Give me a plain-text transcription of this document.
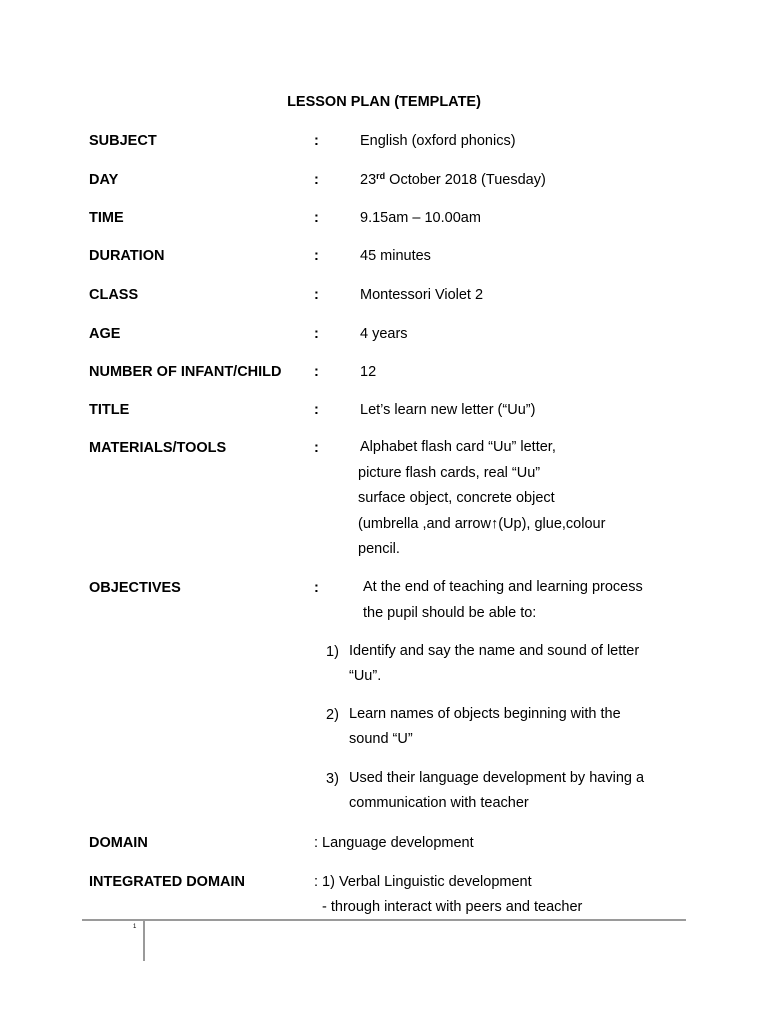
LESSON PLAN (TEMPLATE)
SUBJECT	:	English (oxford phonics)
DAY	:	23rd October 2018 (Tuesday)
TIME	:	9.15am – 10.00am
DURATION	:	45 minutes
CLASS	:	Montessori Violet 2
AGE	:	4 years
NUMBER OF INFANT/CHILD :	12
TITLE	:	Let’s learn new letter (“Uu”)
MATERIALS/TOOLS	:	Alphabet flash card “Uu” letter,
picture flash cards, real “Uu”
surface object, concrete object
(umbrella ,and arrow↑(Up), glue,colour
pencil.
OBJECTIVES	:	At the end of teaching and learning process
the pupil should be able to:
1) Identify and say the name and sound of letter
“Uu”.
2) Learn names of objects beginning with the
sound “U”
3) Used their language development by having a
communication with teacher
DOMAIN	: Language development
INTEGRATED DOMAIN	: 1) Verbal Linguistic development
- through interact with peers and teacher
1
